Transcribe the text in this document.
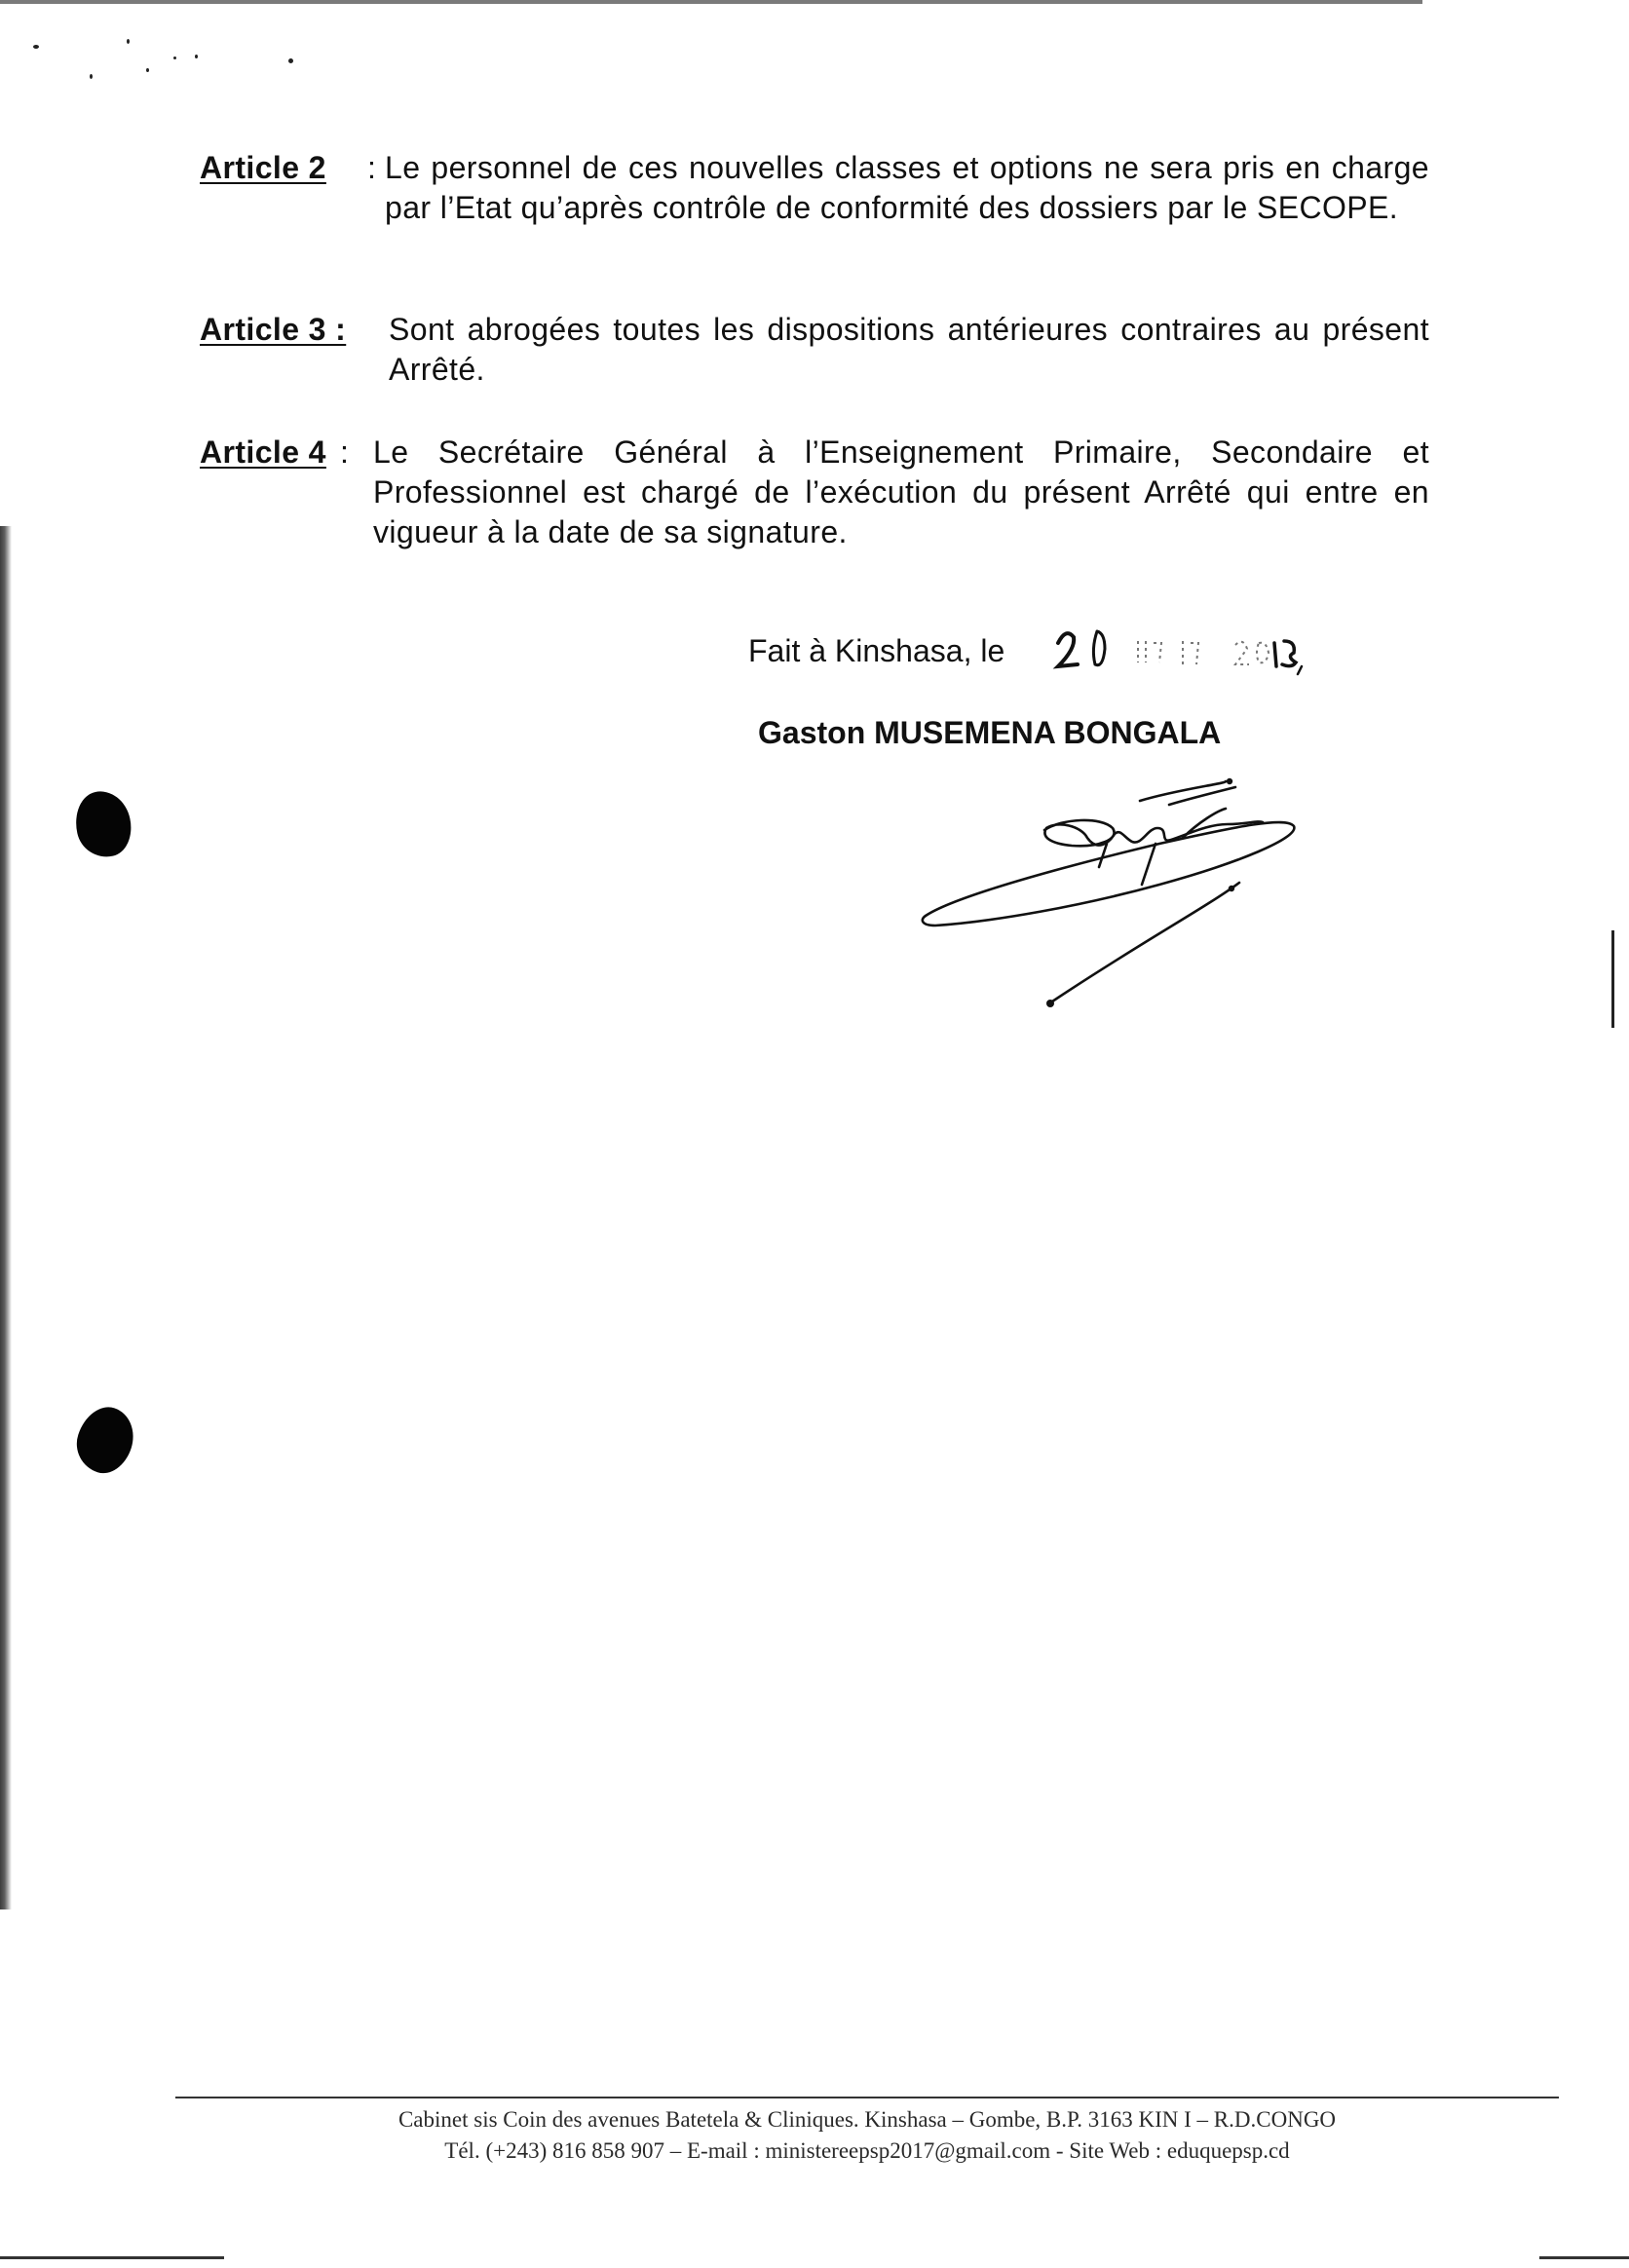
Article 2 : Le personnel de ces nouvelles classes et options ne sera pris en charge par l’Etat qu’après contrôle de conformité des dossiers par le SECOPE.
Article 3 : Sont abrogées toutes les dispositions antérieures contraires au présent Arrêté.
Article 4 : Le Secrétaire Général à l’Enseignement Primaire, Secondaire et Professionnel est chargé de l’exécution du présent Arrêté qui entre en vigueur à la date de sa signature.
Fait à Kinshasa, le
Gaston MUSEMENA BONGALA
Cabinet sis Coin des avenues Batetela & Cliniques. Kinshasa – Gombe, B.P. 3163 KIN I – R.D.CONGO
Tél. (+243) 816 858 907 – E-mail : ministereepsp2017@gmail.com - Site Web : eduquepsp.cd
